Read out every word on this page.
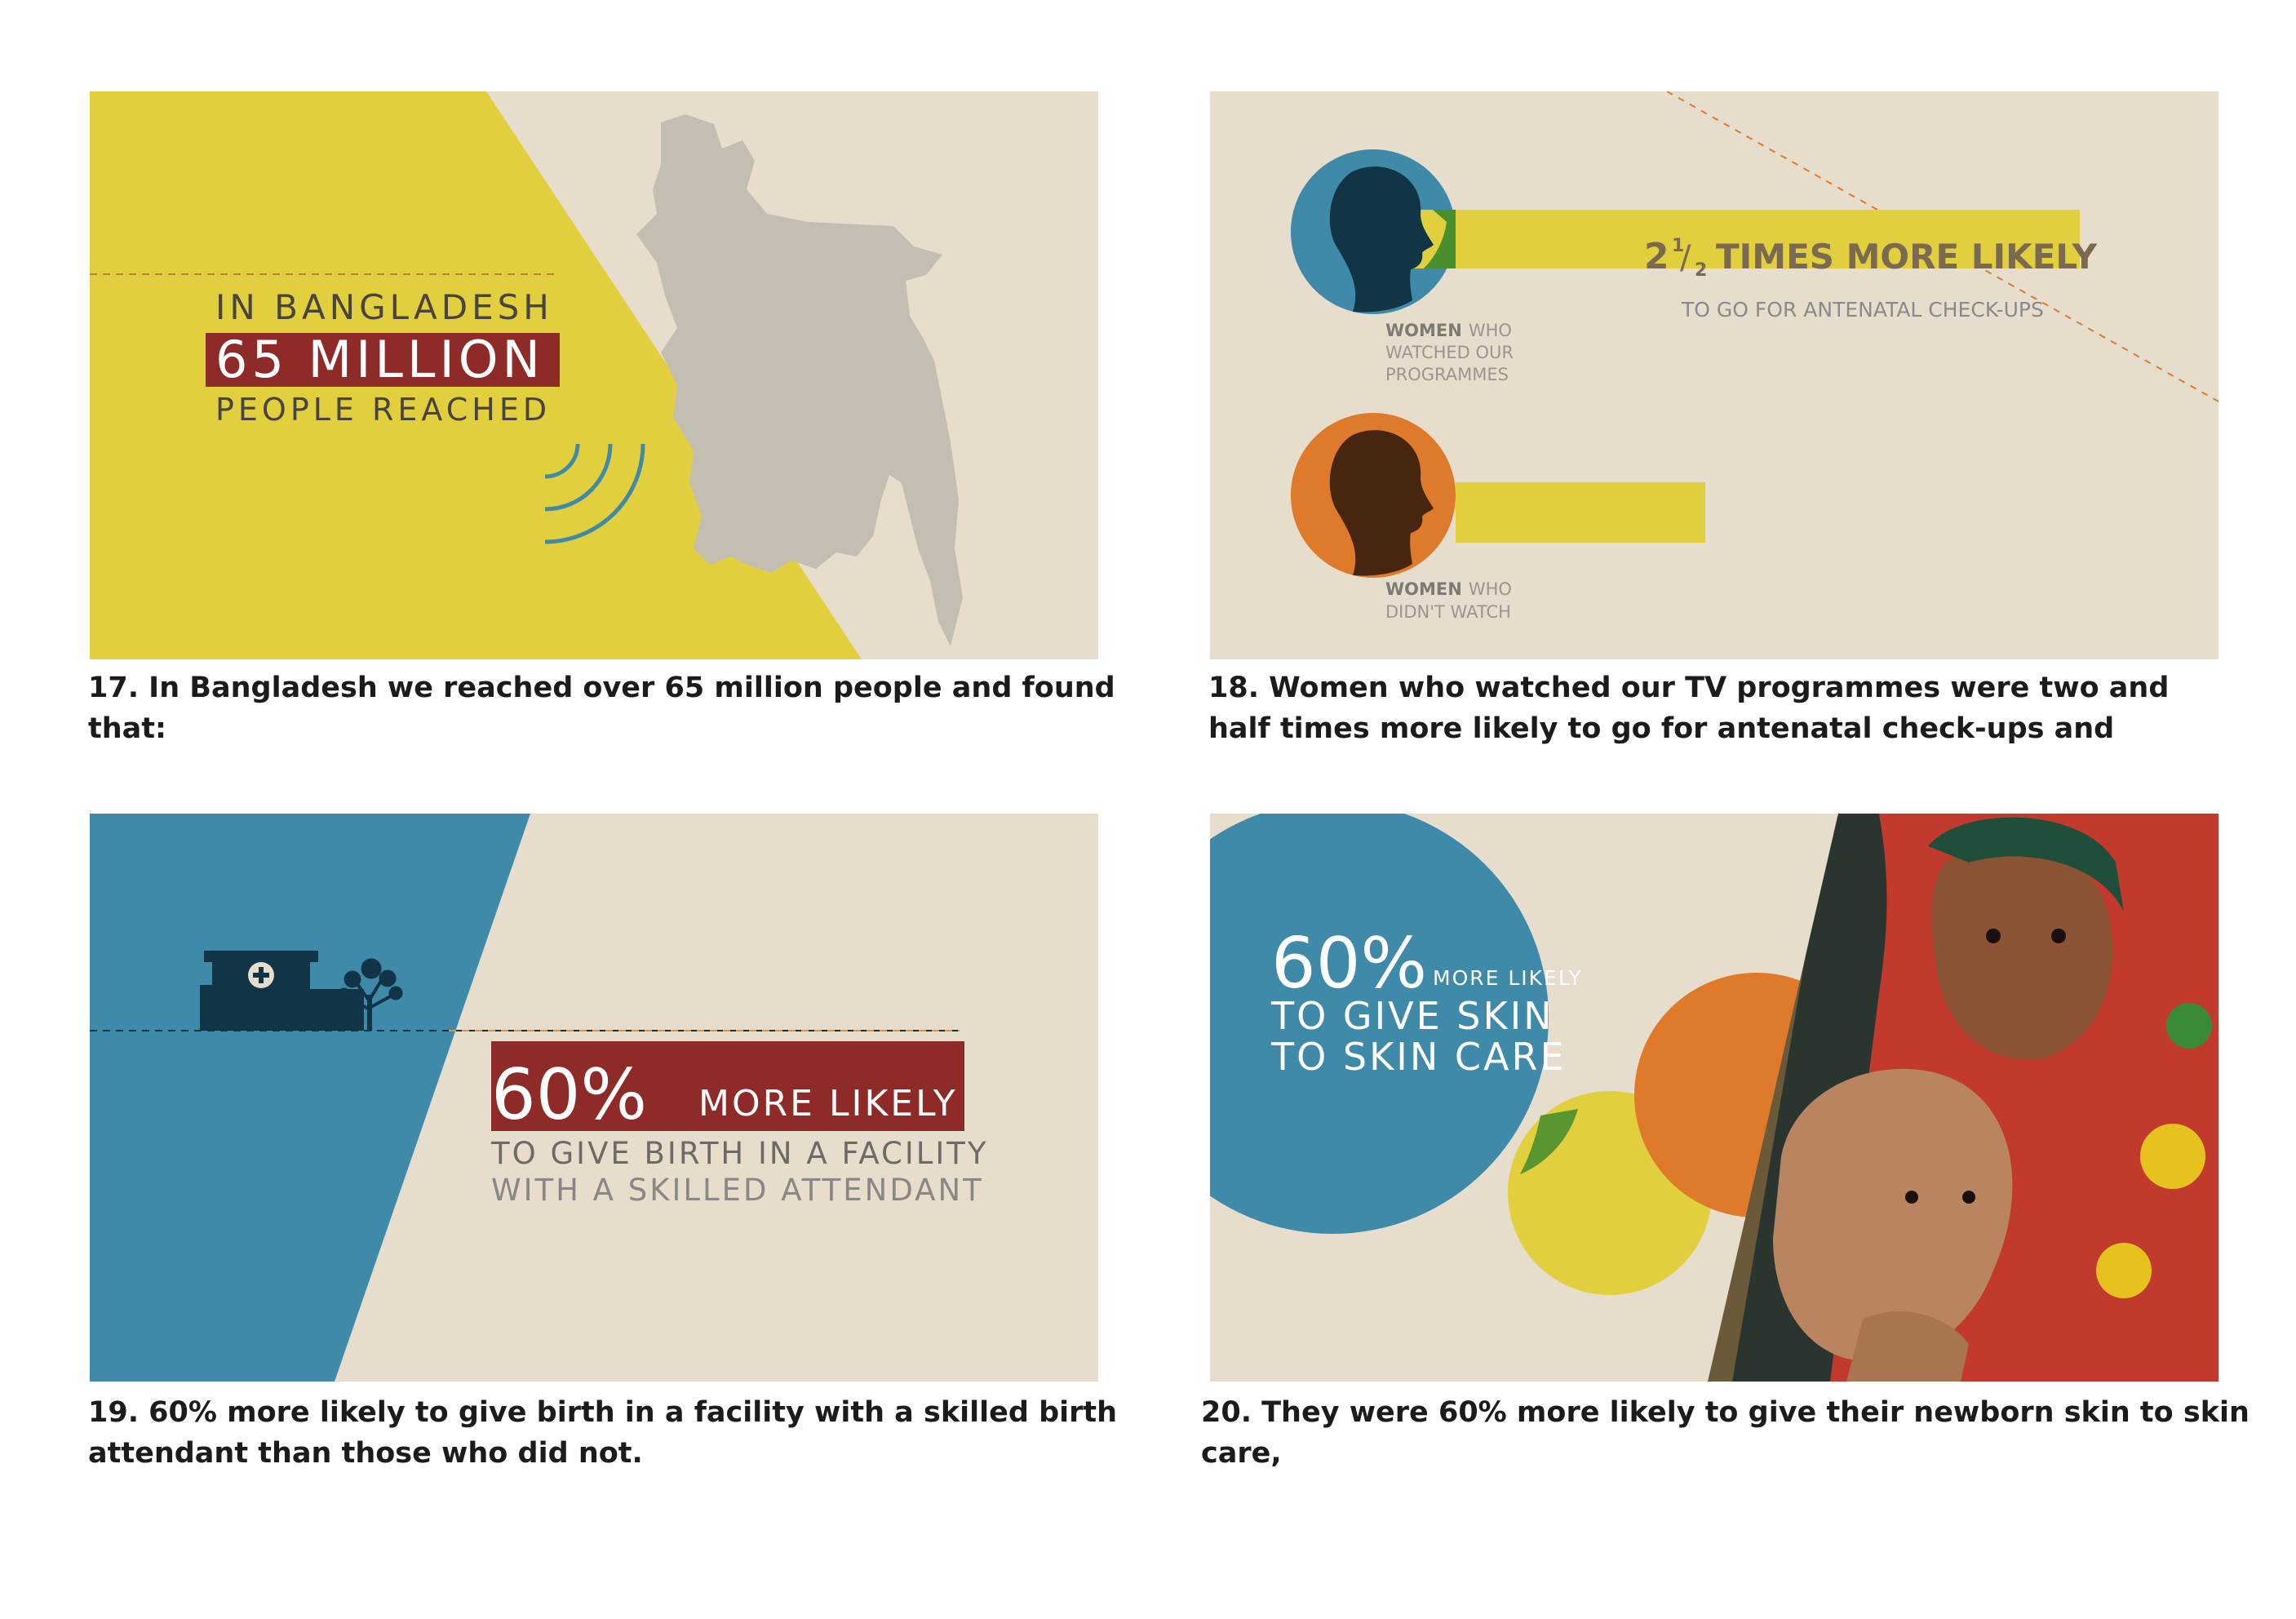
IN BANGLADESH
65 MILLION
PEOPLE REACHED

17. In Bangladesh we reached over 65 million people and found that:

2 1
/ 2 TIMES MORE LIKELY
TO GO FOR ANTENATAL CHECK-UPS
WOMEN WHO
WATCHED OUR
PROGRAMMES
WOMEN WHO
DIDN'T WATCH

18. Women who watched our TV programmes were two and half times more likely to go for antenatal check-ups and

60% MORE LIKELY
TO GIVE BIRTH IN A FACILITY
WITH A SKILLED ATTENDANT

19. 60% more likely to give birth in a facility with a skilled birth attendant than those who did not.

60% MORE LIKELY
TO GIVE SKIN
TO SKIN CARE

20. They were 60% more likely to give their newborn skin to skin care,
